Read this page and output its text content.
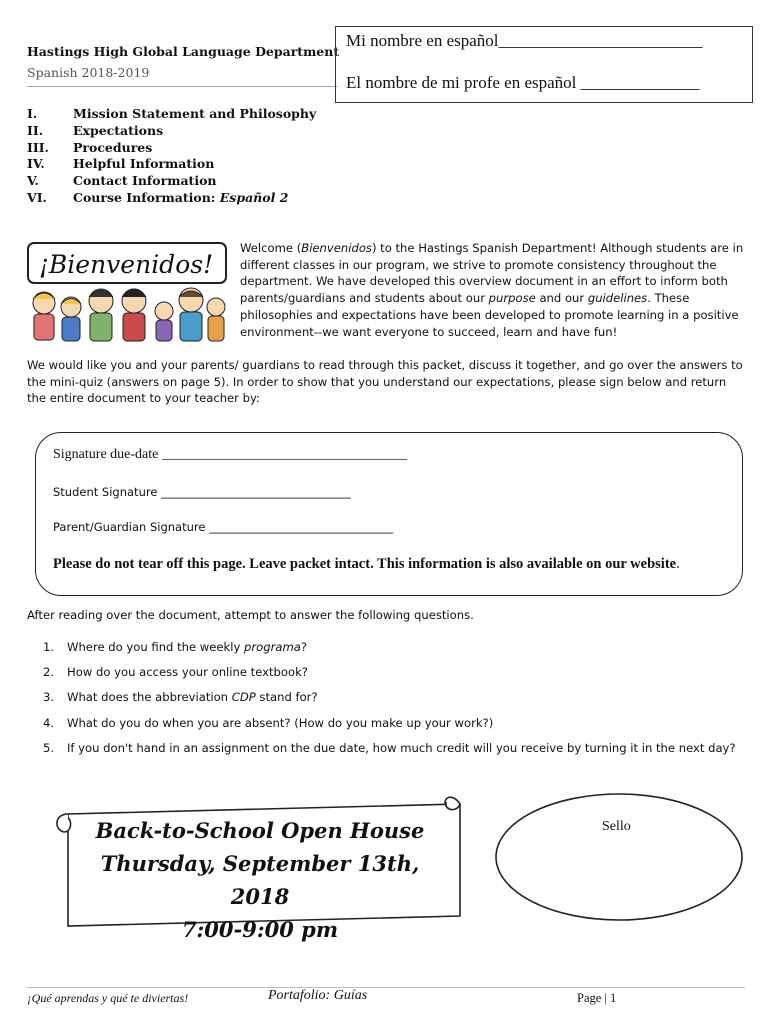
Hastings High Global Language Department
Spanish 2018-2019
Mi nombre en español________________________
El nombre de mi profe en español ______________
I.	Mission Statement and Philosophy
II.	Expectations
III.	Procedures
IV.	Helpful Information
V.	Contact Information
VI.	Course Information: Español 2
¡Bienvenidos!
Welcome (Bienvenidos) to the Hastings Spanish Department! Although students are in different classes in our program, we strive to promote consistency throughout the department. We have developed this overview document in an effort to inform both parents/guardians and students about our purpose and our guidelines. These philosophies and expectations have been developed to promote learning in a positive environment--we want everyone to succeed, learn and have fun!
We would like you and your parents/ guardians to read through this packet, discuss it together, and go over the answers to the mini-quiz (answers on page 5). In order to show that you understand our expectations, please sign below and return the entire document to your teacher by:
Signature due-date ___________________________________
Student Signature _________________________________
Parent/Guardian Signature ________________________________
Please do not tear off this page. Leave packet intact. This information is also available on our website.
After reading over the document, attempt to answer the following questions.
1.	Where do you find the weekly programa?
2.	How do you access your online textbook?
3.	What does the abbreviation CDP stand for?
4.	What do you do when you are absent? (How do you make up your work?)
5.	If you don't hand in an assignment on the due date, how much credit will you receive by turning it in the next day?
Back-to-School Open House
Thursday, September 13th, 2018
7:00-9:00 pm
Sello
¡Qué aprendas y qué te diviertas!	Portafolio: Guías	Page | 1
